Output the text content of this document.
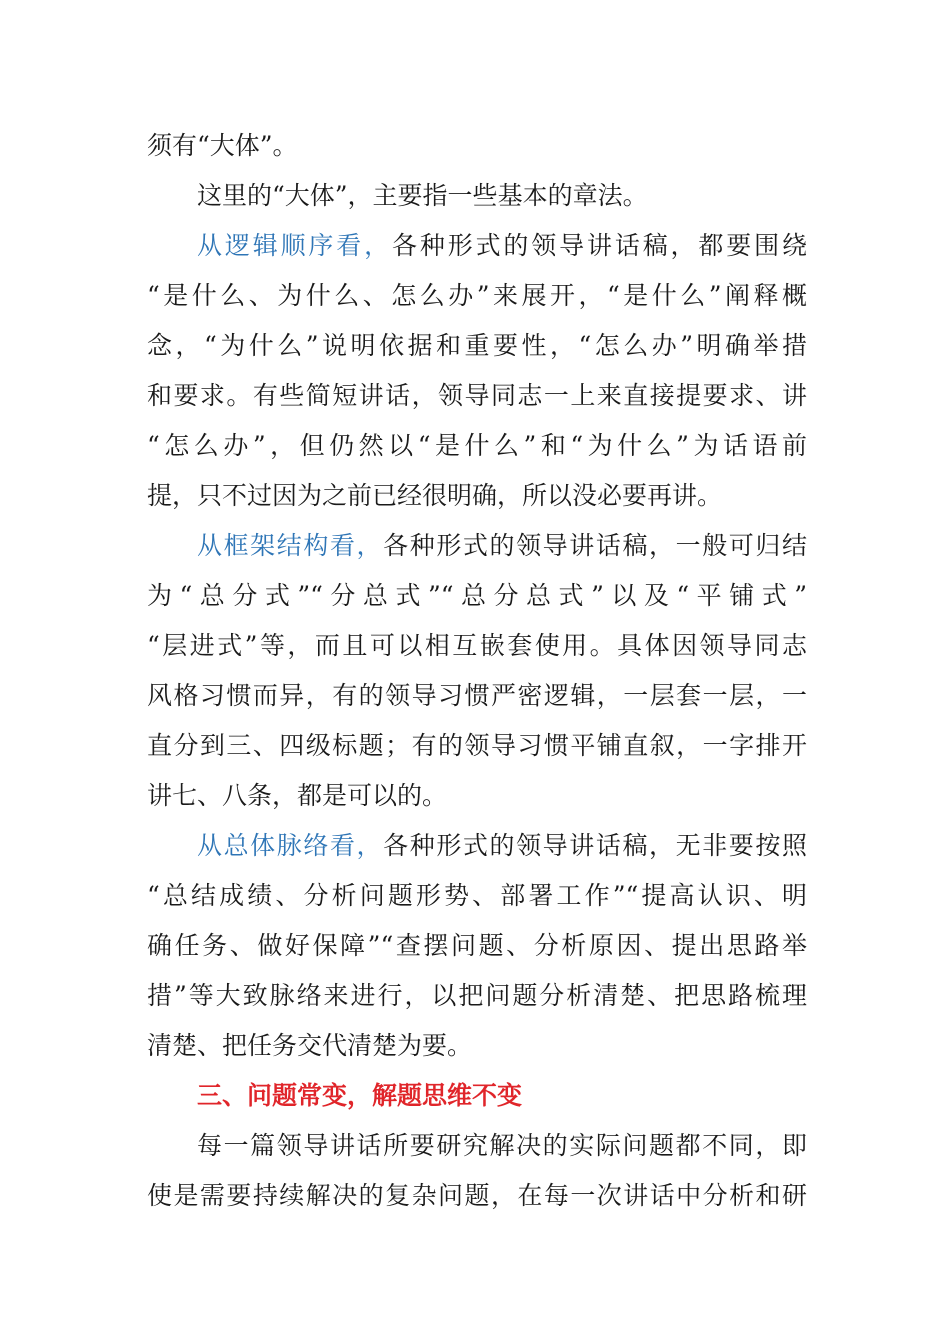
须有“大体”。
这里的“大体”，主要指一些基本的章法。
从逻辑顺序看，各种形式的领导讲话稿，都要围绕
“是什么、为什么、怎么办”来展开，“是什么”阐释概
念，“为什么”说明依据和重要性，“怎么办”明确举措
和要求。有些简短讲话，领导同志一上来直接提要求、讲
“怎么办”，但仍然以“是什么”和“为什么”为话语前
提，只不过因为之前已经很明确，所以没必要再讲。
从框架结构看，各种形式的领导讲话稿，一般可归结
为“总分式”“分总式”“总分总式”以及“平铺式”
“层进式”等，而且可以相互嵌套使用。具体因领导同志
风格习惯而异，有的领导习惯严密逻辑，一层套一层，一
直分到三、四级标题；有的领导习惯平铺直叙，一字排开
讲七、八条，都是可以的。
从总体脉络看，各种形式的领导讲话稿，无非要按照
“总结成绩、分析问题形势、部署工作”“提高认识、明
确任务、做好保障”“查摆问题、分析原因、提出思路举
措”等大致脉络来进行，以把问题分析清楚、把思路梳理
清楚、把任务交代清楚为要。
三、问题常变，解题思维不变
每一篇领导讲话所要研究解决的实际问题都不同，即
使是需要持续解决的复杂问题，在每一次讲话中分析和研
